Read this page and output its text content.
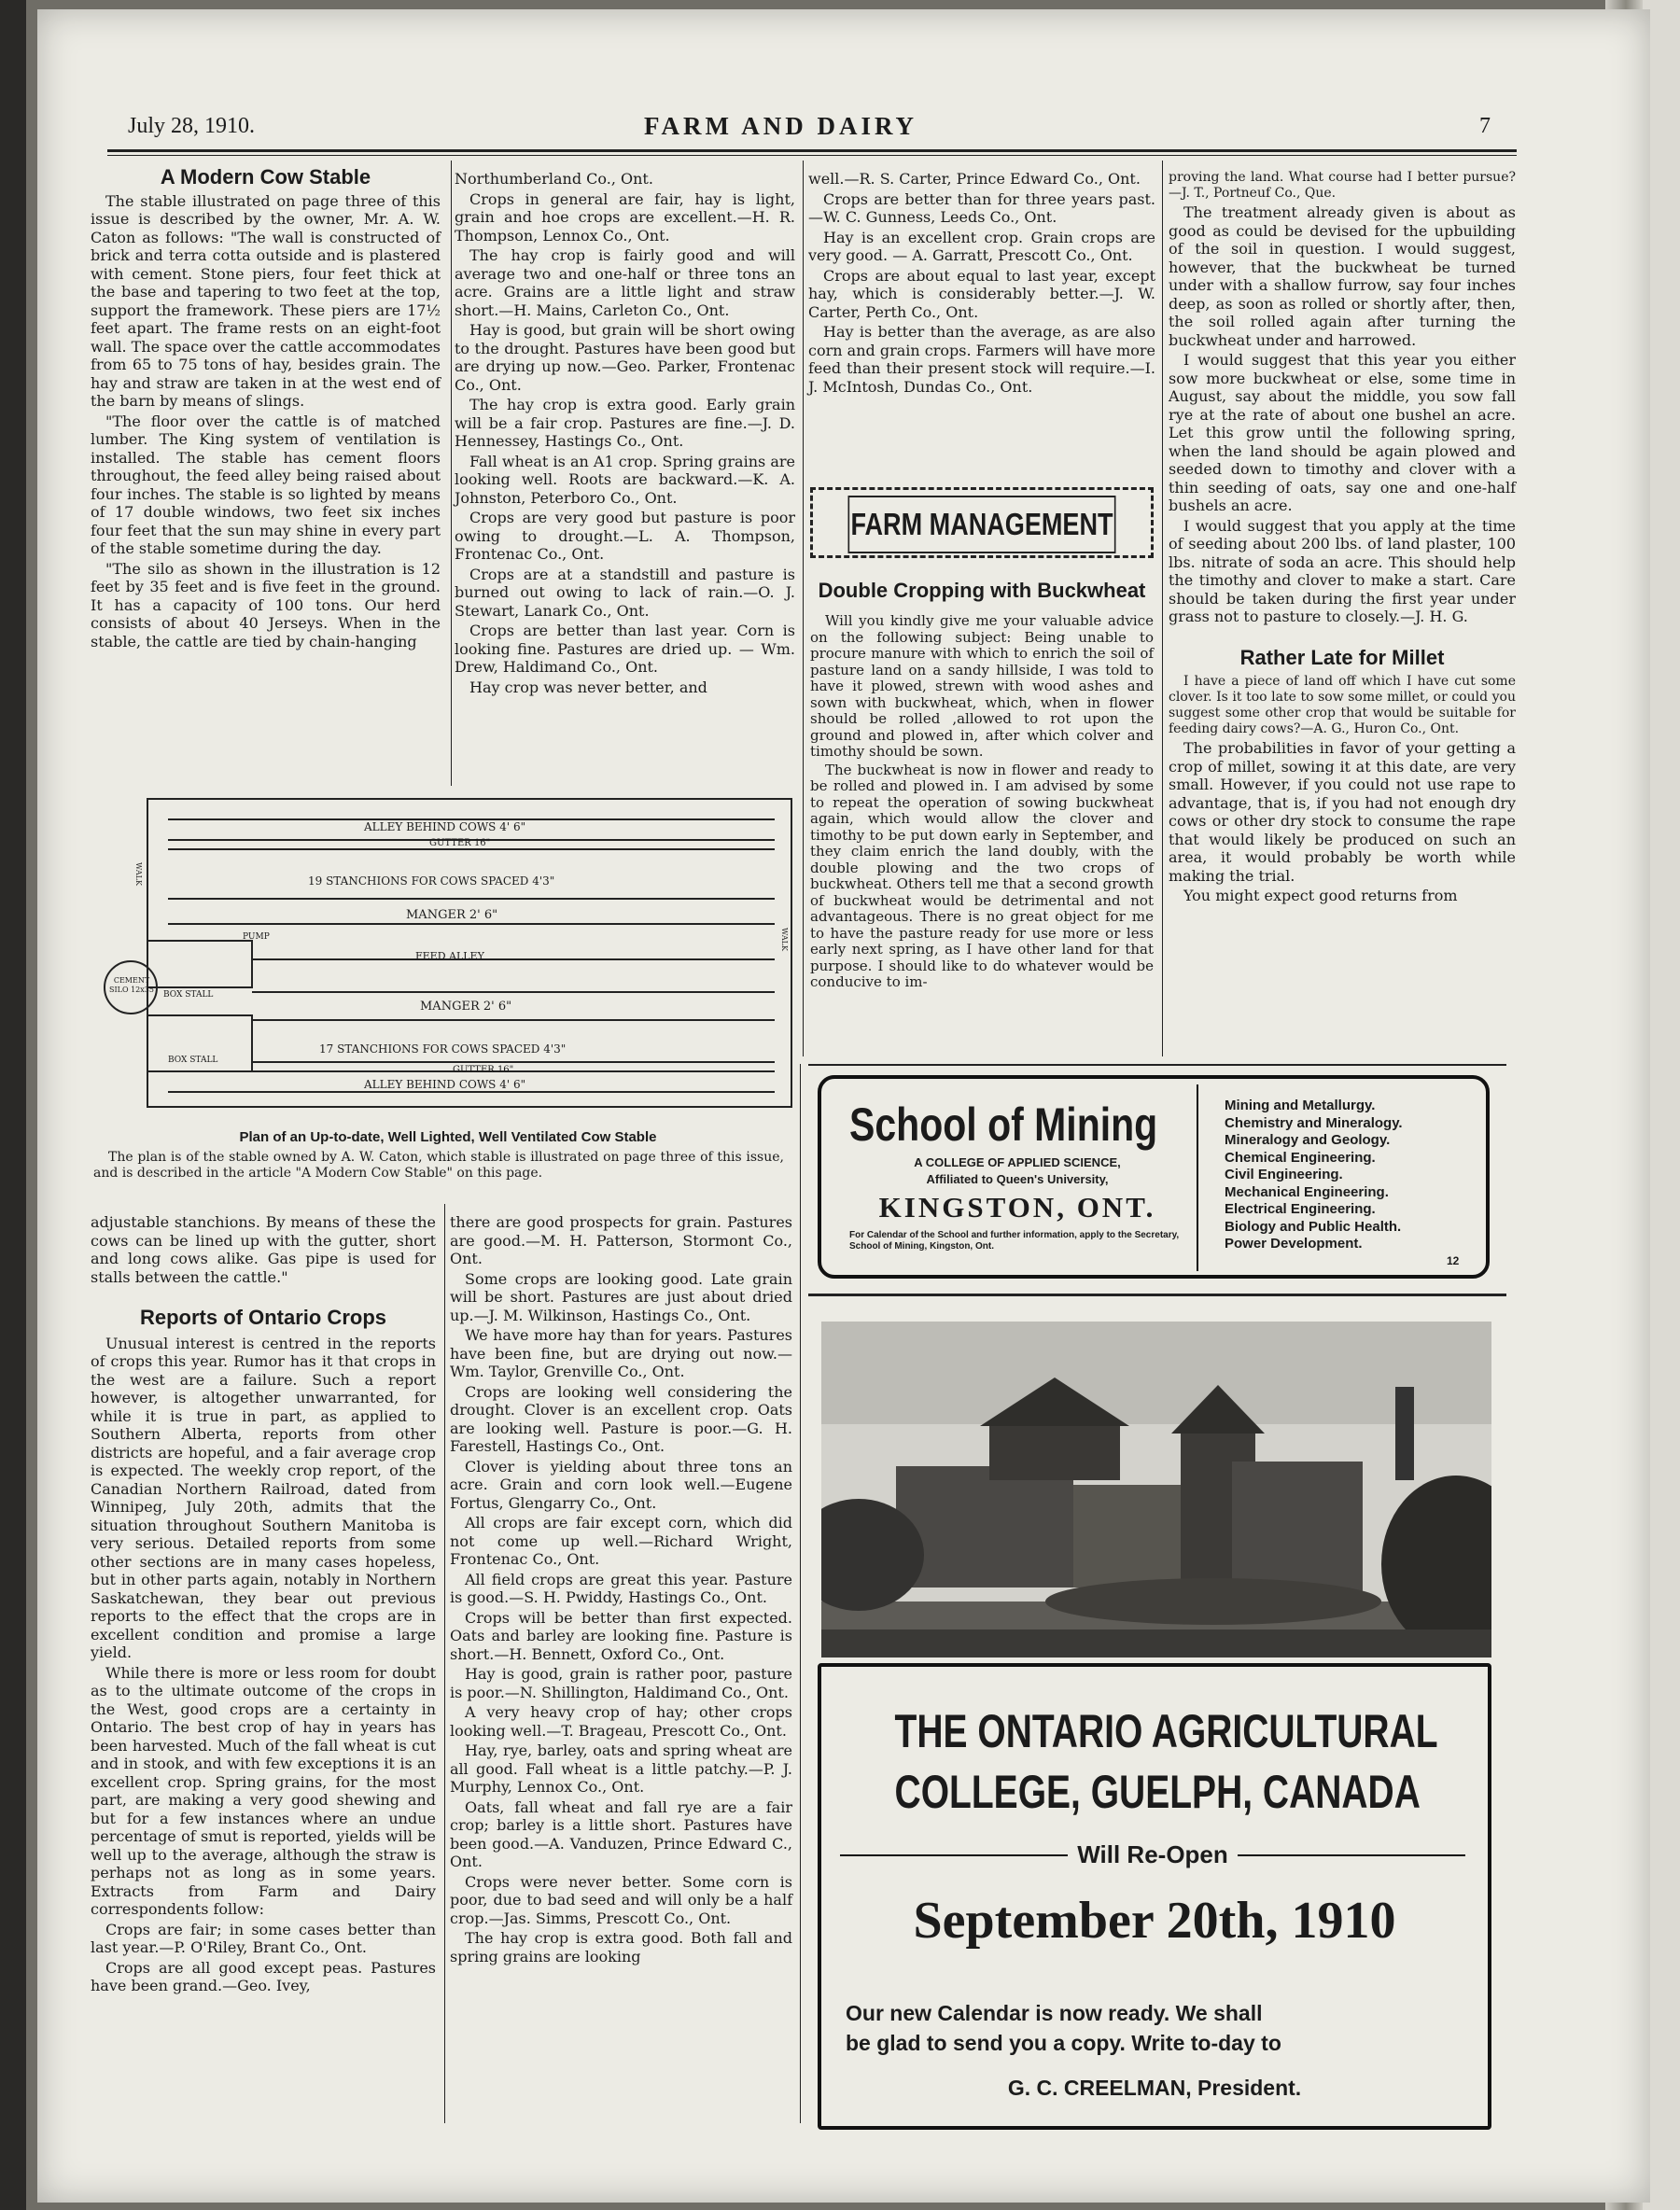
July 28, 1910.	FARM AND DAIRY	7
A Modern Cow Stable

The stable illustrated on page three of this issue is described by the owner, Mr. A. W. Caton as follows: "The wall is constructed of brick and terra cotta outside and is plastered with cement. Stone piers, four feet thick at the base and tapering to two feet at the top, support the framework. These piers are 17½ feet apart. The frame rests on an eight-foot wall. The space over the cattle accommodates from 65 to 75 tons of hay, besides grain. The hay and straw are taken in at the west end of the barn by means of slings.

"The floor over the cattle is of matched lumber. The King system of ventilation is installed. The stable has cement floors throughout, the feed alley being raised about four inches. The stable is so lighted by means of 17 double windows, two feet six inches four feet that the sun may shine in every part of the stable sometime during the day.

"The silo as shown in the illustration is 12 feet by 35 feet and is five feet in the ground. It has a capacity of 100 tons. Our herd consists of about 40 Jerseys. When in the stable, the cattle are tied by chain-hanging

Northumberland Co., Ont.

Crops in general are fair, hay is light, grain and hoe crops are excellent.—H. R. Thompson, Lennox Co., Ont.

The hay crop is fairly good and will average two and one-half or three tons an acre. Grains are a little light and straw short.—H. Mains, Carleton Co., Ont.

Hay is good, but grain will be short owing to the drought. Pastures have been good but are drying up now.—Geo. Parker, Frontenac Co., Ont.

The hay crop is extra good. Early grain will be a fair crop. Pastures are fine.—J. D. Hennessey, Hastings Co., Ont.

Fall wheat is an A1 crop. Spring grains are looking well. Roots are backward.—K. A. Johnston, Peterboro Co., Ont.

Crops are very good but pasture is poor owing to drought.—L. A. Thompson, Frontenac Co., Ont.

Crops are at a standstill and pasture is burned out owing to lack of rain.—O. J. Stewart, Lanark Co., Ont.

Crops are better than last year. Corn is looking fine. Pastures are dried up. — Wm. Drew, Haldimand Co., Ont.

Hay crop was never better, and

well.—R. S. Carter, Prince Edward Co., Ont.

Crops are better than for three years past.—W. C. Gunness, Leeds Co., Ont.

Hay is an excellent crop. Grain crops are very good. — A. Garratt, Prescott Co., Ont.

Crops are about equal to last year, except hay, which is considerably better.—J. W. Carter, Perth Co., Ont.

Hay is better than the average, as are also corn and grain crops. Farmers will have more feed than their present stock will require.—I. J. McIntosh, Dundas Co., Ont.

FARM MANAGEMENT
Double Cropping with Buckwheat

Will you kindly give me your valuable advice on the following subject: Being unable to procure manure with which to enrich the soil of pasture land on a sandy hillside, I was told to have it plowed, strewn with wood ashes and sown with buckwheat, which, when in flower should be rolled ,allowed to rot upon the ground and plowed in, after which colver and timothy should be sown.

The buckwheat is now in flower and ready to be rolled and plowed in. I am advised by some to repeat the operation of sowing buckwheat again, which would allow the clover and timothy to be put down early in September, and they claim enrich the land doubly, with the double plowing and the two crops of buckwheat. Others tell me that a second growth of buckwheat would be detrimental and not advantageous. There is no great object for me to have the pasture ready for use more or less early next spring, as I have other land for that purpose. I should like to do whatever would be conducive to im-

proving the land. What course had I better pursue?—J. T., Portneuf Co., Que.

The treatment already given is about as good as could be devised for the upbuilding of the soil in question. I would suggest, however, that the buckwheat be turned under with a shallow furrow, say four inches deep, as soon as rolled or shortly after, then, the soil rolled again after turning the buckwheat under and harrowed.

I would suggest that this year you either sow more buckwheat or else, some time in August, say about the middle, you sow fall rye at the rate of about one bushel an acre. Let this grow until the following spring, when the land should be again plowed and seeded down to timothy and clover with a thin seeding of oats, say one and one-half bushels an acre.

I would suggest that you apply at the time of seeding about 200 lbs. of land plaster, 100 lbs. nitrate of soda an acre. This should help the timothy and clover to make a start. Care should be taken during the first year under grass not to pasture to closely.—J. H. G.

Rather Late for Millet

I have a piece of land off which I have cut some clover. Is it too late to sow some millet, or could you suggest some other crop that would be suitable for feeding dairy cows?—A. G., Huron Co., Ont.

The probabilities in favor of your getting a crop of millet, sowing it at this date, are very small. However, if you could not use rape to advantage, that is, if you had not enough dry cows or other dry stock to consume the rape that would likely be produced on such an area, it would probably be worth while making the trial.

You might expect good returns from

ALLEY BEHIND COWS 4' 6"
GUTTER 16"
19 STANCHIONS FOR COWS SPACED 4'3"
MANGER 2' 6"
FEED ALLEY
MANGER 2' 6"
17 STANCHIONS FOR COWS SPACED 4'3"
GUTTER 16"
ALLEY BEHIND COWS 4' 6"
PUMP
BOX STALL
BOX STALL
CEMENT SILO 12x35
WALK
WALK
Plan of an Up-to-date, Well Lighted, Well Ventilated Cow Stable
The plan is of the stable owned by A. W. Caton, which stable is illustrated on page three of this issue, and is described in the article "A Modern Cow Stable" on this page.

adjustable stanchions. By means of these the cows can be lined up with the gutter, short and long cows alike. Gas pipe is used for stalls between the cattle."

Reports of Ontario Crops

Unusual interest is centred in the reports of crops this year. Rumor has it that crops in the west are a failure. Such a report however, is altogether unwarranted, for while it is true in part, as applied to Southern Alberta, reports from other districts are hopeful, and a fair average crop is expected. The weekly crop report, of the Canadian Northern Railroad, dated from Winnipeg, July 20th, admits that the situation throughout Southern Manitoba is very serious. Detailed reports from some other sections are in many cases hopeless, but in other parts again, notably in Northern Saskatchewan, they bear out previous reports to the effect that the crops are in excellent condition and promise a large yield.

While there is more or less room for doubt as to the ultimate outcome of the crops in the West, good crops are a certainty in Ontario. The best crop of hay in years has been harvested. Much of the fall wheat is cut and in stook, and with few exceptions it is an excellent crop. Spring grains, for the most part, are making a very good shewing and but for a few instances where an undue percentage of smut is reported, yields will be well up to the average, although the straw is perhaps not as long as in some years. Extracts from Farm and Dairy correspondents follow:

Crops are fair; in some cases better than last year.—P. O'Riley, Brant Co., Ont.

Crops are all good except peas. Pastures have been grand.—Geo. Ivey,

there are good prospects for grain. Pastures are good.—M. H. Patterson, Stormont Co., Ont.

Some crops are looking good. Late grain will be short. Pastures are just about dried up.—J. M. Wilkinson, Hastings Co., Ont.

We have more hay than for years. Pastures have been fine, but are drying out now.—Wm. Taylor, Grenville Co., Ont.

Crops are looking well considering the drought. Clover is an excellent crop. Oats are looking well. Pasture is poor.—G. H. Farestell, Hastings Co., Ont.

Clover is yielding about three tons an acre. Grain and corn look well.—Eugene Fortus, Glengarry Co., Ont.

All crops are fair except corn, which did not come up well.—Richard Wright, Frontenac Co., Ont.

All field crops are great this year. Pasture is good.—S. H. Pwiddy, Hastings Co., Ont.

Crops will be better than first expected. Oats and barley are looking fine. Pasture is short.—H. Bennett, Oxford Co., Ont.

Hay is good, grain is rather poor, pasture is poor.—N. Shillington, Haldimand Co., Ont.

A very heavy crop of hay; other crops looking well.—T. Brageau, Prescott Co., Ont.

Hay, rye, barley, oats and spring wheat are all good. Fall wheat is a little patchy.—P. J. Murphy, Lennox Co., Ont.

Oats, fall wheat and fall rye are a fair crop; barley is a little short. Pastures have been good.—A. Vanduzen, Prince Edward C., Ont.

Crops were never better. Some corn is poor, due to bad seed and will only be a half crop.—Jas. Simms, Prescott Co., Ont.

The hay crop is extra good. Both fall and spring grains are looking

School of Mining
A COLLEGE OF APPLIED SCIENCE,
Affiliated to Queen's University,
KINGSTON, ONT.
For Calendar of the School and further information, apply to the Secretary, School of Mining, Kingston, Ont.
Mining and Metallurgy.
Chemistry and Mineralogy.
Mineralogy and Geology.
Chemical Engineering.
Civil Engineering.
Mechanical Engineering.
Electrical Engineering.
Biology and Public Health.
Power Development.
12
THE ONTARIO AGRICULTURAL
COLLEGE, GUELPH, CANADA
Will Re-Open
September 20th, 1910
Our new Calendar is now ready. We shall
be glad to send you a copy. Write to-day to
G. C. CREELMAN, President.
